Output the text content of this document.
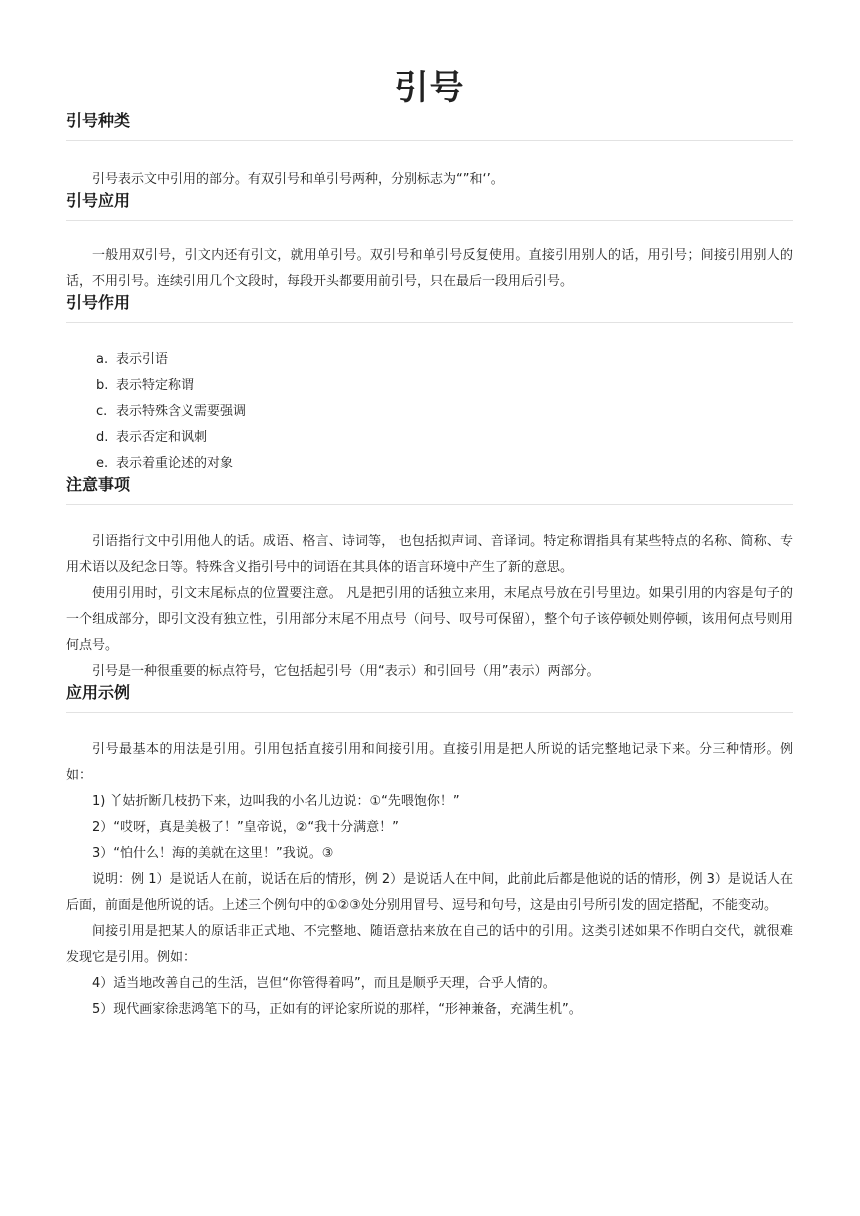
引号
引号种类

引号表示文中引用的部分。有双引号和单引号两种，分别标志为“”和‘’。

引号应用

一般用双引号，引文内还有引文，就用单引号。双引号和单引号反复使用。直接引用别人的话，用引号；间接引用别人的话，不用引号。连续引用几个文段时，每段开头都要用前引号，只在最后一段用后引号。

引号作用
a. 表示引语
b. 表示特定称谓
c. 表示特殊含义需要强调
d. 表示否定和讽刺
e. 表示着重论述的对象
注意事项

引语指行文中引用他人的话。成语、格言、诗词等， 也包括拟声词、音译词。特定称谓指具有某些特点的名称、简称、专用术语以及纪念日等。特殊含义指引号中的词语在其具体的语言环境中产生了新的意思。

使用引用时，引文末尾标点的位置要注意。 凡是把引用的话独立来用，末尾点号放在引号里边。如果引用的内容是句子的一个组成部分，即引文没有独立性，引用部分末尾不用点号（问号、叹号可保留），整个句子该停顿处则停顿，该用何点号则用何点号。

引号是一种很重要的标点符号，它包括起引号（用“表示）和引回号（用”表示）两部分。

应用示例

引号最基本的用法是引用。引用包括直接引用和间接引用。直接引用是把人所说的话完整地记录下来。分三种情形。例如：

1) 丫姑折断几枝扔下来，边叫我的小名儿边说：①“先喂饱你！”

2）“哎呀，真是美极了！”皇帝说，②“我十分满意！”

3）“怕什么！海的美就在这里！”我说。③

说明：例 1）是说话人在前，说话在后的情形，例 2）是说话人在中间，此前此后都是他说的话的情形，例 3）是说话人在后面，前面是他所说的话。上述三个例句中的①②③处分别用冒号、逗号和句号，这是由引号所引发的固定搭配，不能变动。

间接引用是把某人的原话非正式地、不完整地、随语意拈来放在自己的话中的引用。这类引述如果不作明白交代，就很难发现它是引用。例如：

4）适当地改善自己的生活，岂但“你管得着吗”，而且是顺乎天理，合乎人情的。

5）现代画家徐悲鸿笔下的马，正如有的评论家所说的那样，“形神兼备，充满生机”。
